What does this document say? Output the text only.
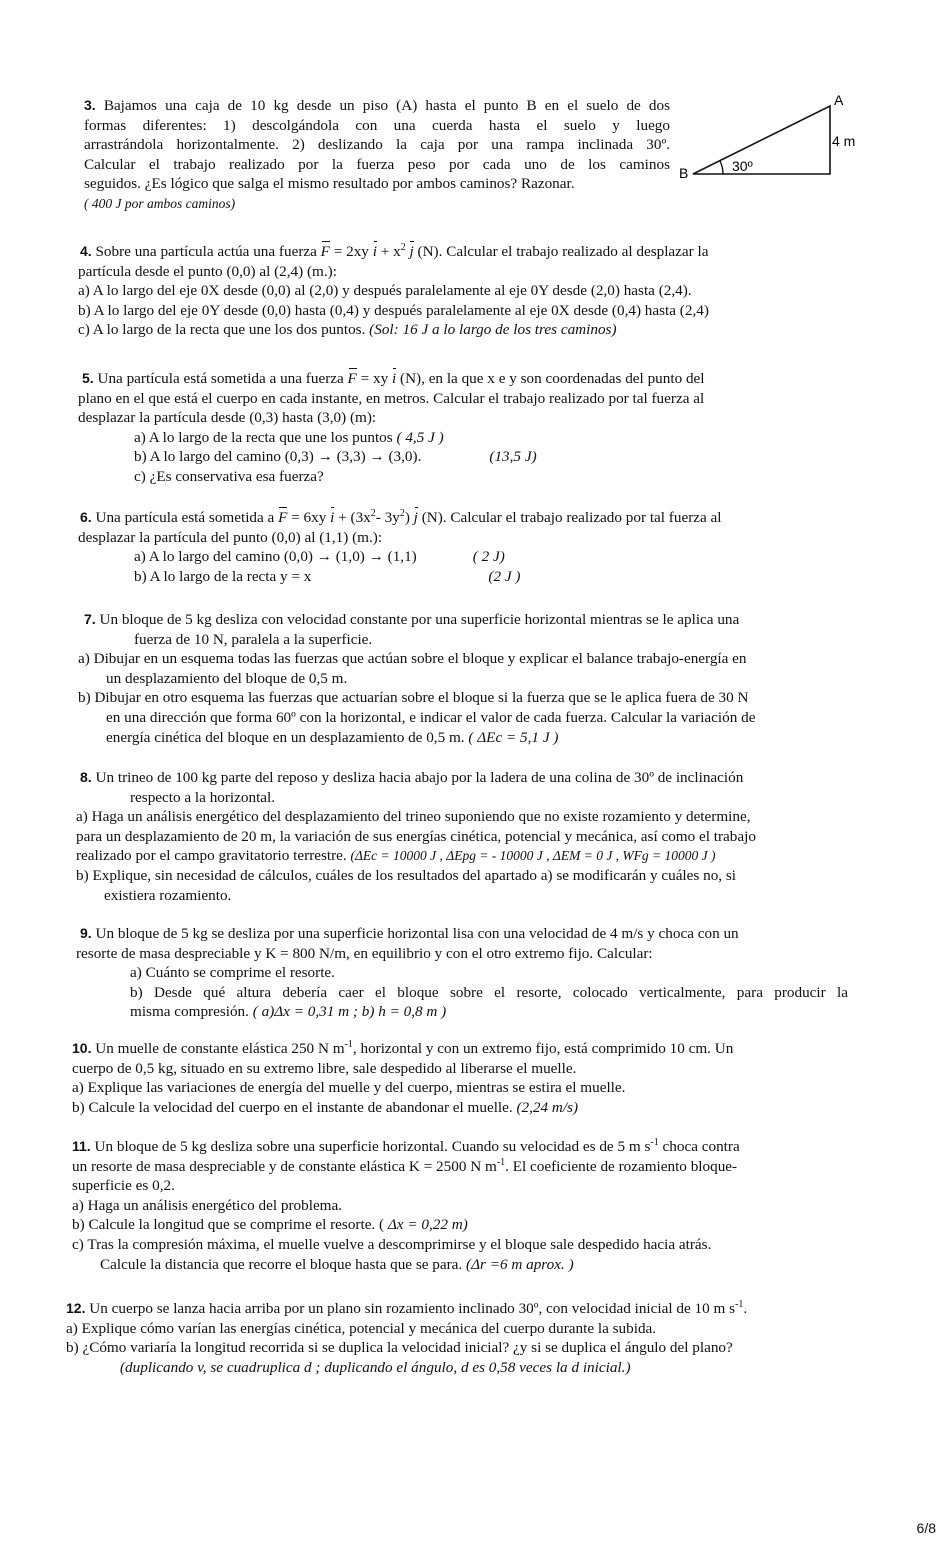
3. Bajamos una caja de 10 kg desde un piso (A) hasta el punto B en el suelo de dos
formas diferentes: 1) descolgándola con una cuerda hasta el suelo y luego
arrastrándola horizontalmente. 2) deslizando la caja por una rampa inclinada 30º.
Calcular el trabajo realizado por la fuerza peso por cada uno de los caminos
seguidos. ¿Es lógico que salga el mismo resultado por ambos caminos? Razonar.
( 400 J por ambos caminos)
A
B
4 m
30º
4. Sobre una partícula actúa una fuerza F = 2xy $i + x^2$ j (N). Calcular el trabajo realizado al desplazar la
partícula desde el punto (0,0) al (2,4) (m.):
a) A lo largo del eje 0X desde (0,0) al (2,0) y después paralelamente al eje 0Y desde (2,0) hasta (2,4).
b) A lo largo del eje 0Y desde (0,0) hasta (0,4) y después paralelamente al eje 0X desde (0,4) hasta (2,4)
c) A lo largo de la recta que une los dos puntos. (Sol: 16 J a lo largo de los tres caminos)
5. Una partícula está sometida a una fuerza F = xy i (N), en la que x e y son coordenadas del punto del
plano en el que está el cuerpo en cada instante, en metros. Calcular el trabajo realizado por tal fuerza al
desplazar la partícula desde (0,3) hasta (3,0) (m):
a) A lo largo de la recta que une los puntos ( 4,5 J )
b) A lo largo del camino (0,3) → (3,3) → (3,0).	(13,5 J)
c) ¿Es conservativa esa fuerza?
6. Una partícula está sometida a F = 6xy $i + (3x^2-$ $3y^2$) j (N). Calcular el trabajo realizado por tal fuerza al
desplazar la partícula del punto (0,0) al (1,1) (m.):
a) A lo largo del camino (0,0) → (1,0) → (1,1)	( 2 J)
b) A lo largo de la recta y = x	(2 J )
7. Un bloque de 5 kg desliza con velocidad constante por una superficie horizontal mientras se le aplica una
fuerza de 10 N, paralela a la superficie.
a) Dibujar en un esquema todas las fuerzas que actúan sobre el bloque y explicar el balance trabajo-energía en
un desplazamiento del bloque de 0,5 m.
b) Dibujar en otro esquema las fuerzas que actuarían sobre el bloque si la fuerza que se le aplica fuera de 30 N
en una dirección que forma 60º con la horizontal, e indicar el valor de cada fuerza. Calcular la variación de
energía cinética del bloque en un desplazamiento de 0,5 m. ( ΔEc = 5,1 J )
8. Un trineo de 100 kg parte del reposo y desliza hacia abajo por la ladera de una colina de 30º de inclinación
respecto a la horizontal.
a) Haga un análisis energético del desplazamiento del trineo suponiendo que no existe rozamiento y determine,
para un desplazamiento de 20 m, la variación de sus energías cinética, potencial y mecánica, así como el trabajo
realizado por el campo gravitatorio terrestre. (ΔEc = 10000 J , ΔEpg = - 10000 J , ΔEM = 0 J , WFg = 10000 J )
b) Explique, sin necesidad de cálculos, cuáles de los resultados del apartado a) se modificarán y cuáles no, si
existiera rozamiento.
9. Un bloque de 5 kg se desliza por una superficie horizontal lisa con una velocidad de 4 m/s y choca con un
resorte de masa despreciable y K = 800 N/m, en equilibrio y con el otro extremo fijo. Calcular:
a) Cuánto se comprime el resorte.
b) Desde qué altura debería caer el bloque sobre el resorte, colocado verticalmente, para producir la
misma compresión. ( a)Δx = 0,31 m ; b) h = 0,8 m )
10. Un muelle de constante elástica 250 N $m^{-1}$, horizontal y con un extremo fijo, está comprimido 10 cm. Un
cuerpo de 0,5 kg, situado en su extremo libre, sale despedido al liberarse el muelle.
a) Explique las variaciones de energía del muelle y del cuerpo, mientras se estira el muelle.
b) Calcule la velocidad del cuerpo en el instante de abandonar el muelle. (2,24 m/s)
11. Un bloque de 5 kg desliza sobre una superficie horizontal. Cuando su velocidad es de 5 m $s^{-1}$ choca contra
un resorte de masa despreciable y de constante elástica K = 2500 N $m^{-1}$. El coeficiente de rozamiento bloque-
superficie es 0,2.
a) Haga un análisis energético del problema.
b) Calcule la longitud que se comprime el resorte. ( Δx = 0,22 m)
c) Tras la compresión máxima, el muelle vuelve a descomprimirse y el bloque sale despedido hacia atrás.
Calcule la distancia que recorre el bloque hasta que se para. (Δr =6 m aprox. )
12. Un cuerpo se lanza hacia arriba por un plano sin rozamiento inclinado 30º, con velocidad inicial de 10 m $s^{-1}$.
a) Explique cómo varían las energías cinética, potencial y mecánica del cuerpo durante la subida.
b) ¿Cómo variaría la longitud recorrida si se duplica la velocidad inicial? ¿y si se duplica el ángulo del plano?
(duplicando v, se cuadruplica d ; duplicando el ángulo, d es 0,58 veces la d inicial.)
6/8
